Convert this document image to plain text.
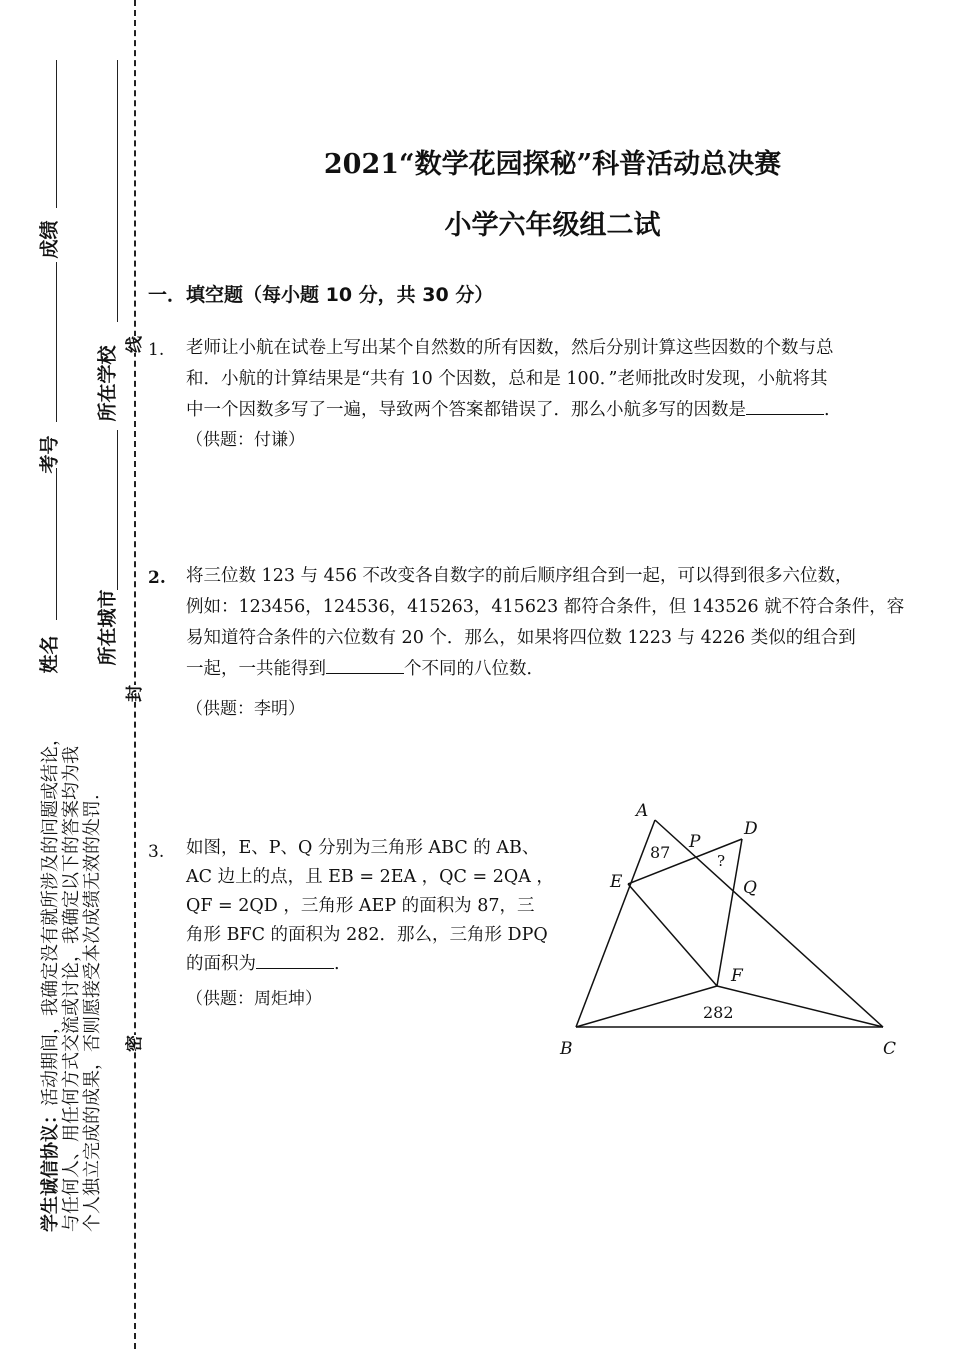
线
封
密
成绩
考号
姓名
所在学校
所在城市
学生诚信协议：活动期间，我确定没有就所涉及的问题或结论， 与任何人、用任何方式交流或讨论，我确定以下的答案均为我 个人独立完成的成果，否则愿接受本次成绩无效的处罚.
2021“数学花园探秘”科普活动总决赛
小学六年级组二试
一．填空题（每小题 10 分，共 30 分）
1. 老师让小航在试卷上写出某个自然数的所有因数，然后分别计算这些因数的个数与总
和．小航的计算结果是“共有 10 个因数，总和是 100．”老师批改时发现，小航将其
中一个因数多写了一遍，导致两个答案都错误了．那么小航多写的因数是	.
（供题：付谦）
2. 将三位数 123 与 456 不改变各自数字的前后顺序组合到一起，可以得到很多六位数，
例如：123456，124536，415263，415623 都符合条件，但 143526 就不符合条件，容
易知道符合条件的六位数有 20 个．那么，如果将四位数 1223 与 4226 类似的组合到
一起，一共能得到	个不同的八位数．
（供题：李明）
3. 如图，E、P、Q 分别为三角形 ABC 的 AB、
AC 边上的点，且 EB = 2EA ，QC = 2QA ，
QF = 2QD ，三角形 AEP 的面积为 87，三
角形 BFC 的面积为 282．那么，三角形 DPQ
的面积为	.
（供题：周炬坤）
A
B	C
D
E
F
P
Q
87
282
?
